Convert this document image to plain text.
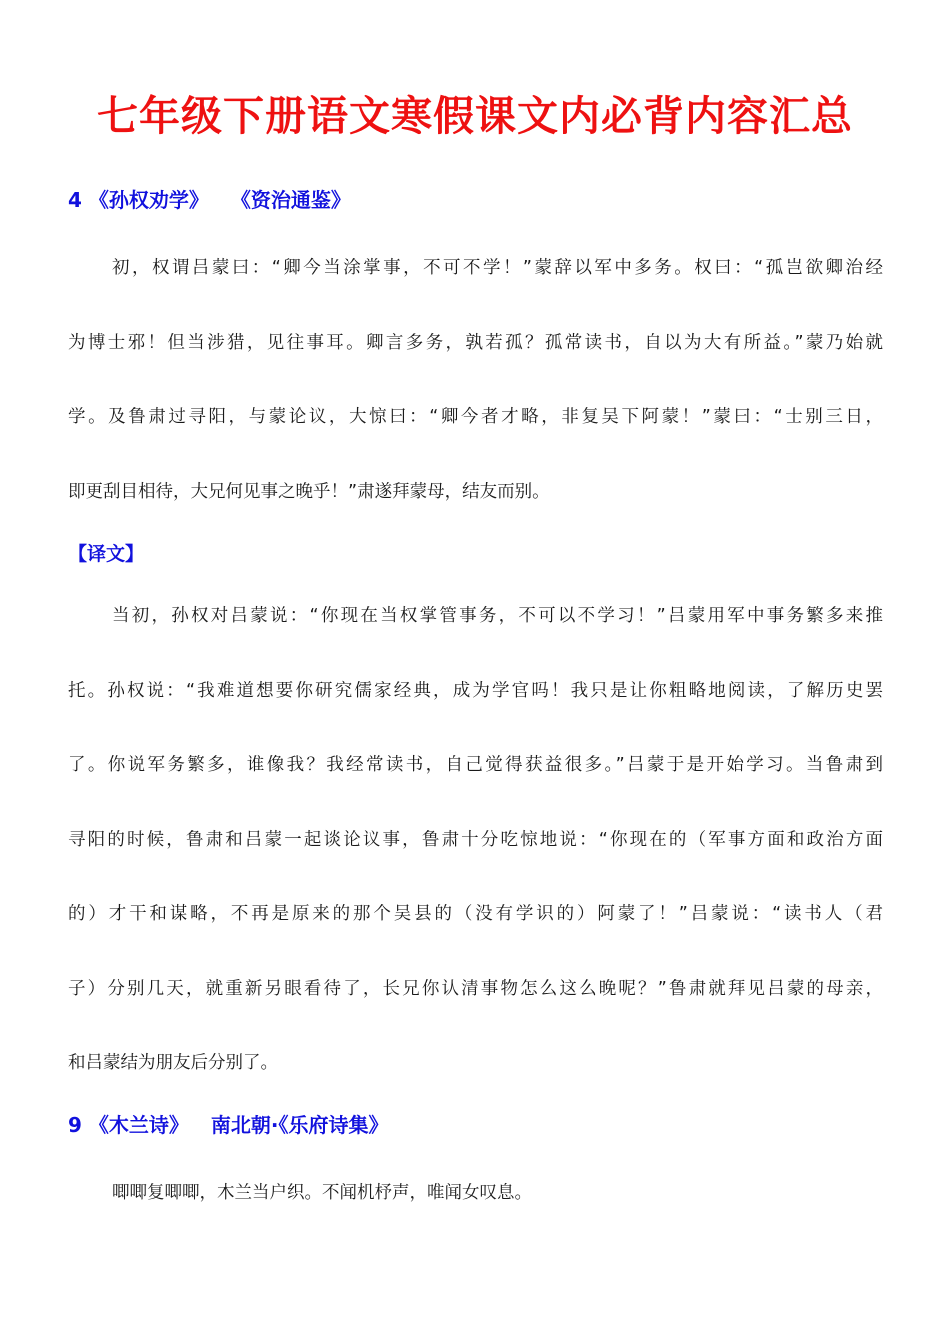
七年级下册语文寒假课文内必背内容汇总
4 《孙权劝学》 《资治通鉴》
初，权谓吕蒙曰：“卿今当涂掌事，不可不学！”蒙辞以军中多务。权曰：“孤岂欲卿治经
为博士邪！但当涉猎，见往事耳。卿言多务，孰若孤？孤常读书，自以为大有所益。”蒙乃始就
学。及鲁肃过寻阳，与蒙论议，大惊曰：“卿今者才略，非复吴下阿蒙！”蒙曰：“士别三日，
即更刮目相待，大兄何见事之晚乎！”肃遂拜蒙母，结友而别。
【译文】
当初，孙权对吕蒙说：“你现在当权掌管事务，不可以不学习！”吕蒙用军中事务繁多来推
托。孙权说：“我难道想要你研究儒家经典，成为学官吗！我只是让你粗略地阅读，了解历史罢
了。你说军务繁多，谁像我？我经常读书，自己觉得获益很多。”吕蒙于是开始学习。当鲁肃到
寻阳的时候，鲁肃和吕蒙一起谈论议事，鲁肃十分吃惊地说：“你现在的（军事方面和政治方面
的）才干和谋略，不再是原来的那个吴县的（没有学识的）阿蒙了！”吕蒙说：“读书人（君
子）分别几天，就重新另眼看待了，长兄你认清事物怎么这么晚呢？”鲁肃就拜见吕蒙的母亲，
和吕蒙结为朋友后分别了。
9 《木兰诗》 南北朝·《乐府诗集》
唧唧复唧唧，木兰当户织。不闻机杼声，唯闻女叹息。
